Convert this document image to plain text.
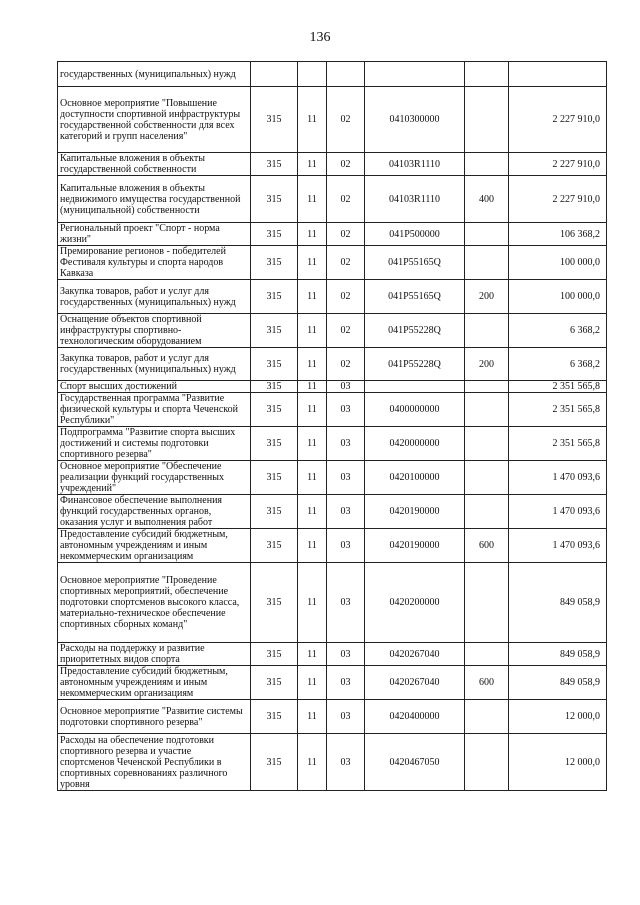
136
государственных (муниципальных) нужд						
Основное мероприятие "Повышение доступности спортивной инфраструктуры государственной собственности для всех категорий и групп населения"	315	11	02	0410300000		2 227 910,0
Капитальные вложения в объекты государственной собственности	315	11	02	04103R1110		2 227 910,0
Капитальные вложения в объекты недвижимого имущества государственной (муниципальной) собственности	315	11	02	04103R1110	400	2 227 910,0
Региональный проект "Спорт - норма жизни"	315	11	02	041P500000		106 368,2
Премирование регионов - победителей Фестиваля культуры и спорта народов Кавказа	315	11	02	041P55165Q		100 000,0
Закупка товаров, работ и услуг для государственных (муниципальных) нужд	315	11	02	041P55165Q	200	100 000,0
Оснащение объектов спортивной инфраструктуры спортивно-технологическим оборудованием	315	11	02	041P55228Q		6 368,2
Закупка товаров, работ и услуг для государственных (муниципальных) нужд	315	11	02	041P55228Q	200	6 368,2
Спорт высших достижений	315	11	03			2 351 565,8
Государственная программа "Развитие физической культуры и спорта Чеченской Республики"	315	11	03	0400000000		2 351 565,8
Подпрограмма "Развитие спорта высших достижений и системы подготовки спортивного резерва"	315	11	03	0420000000		2 351 565,8
Основное мероприятие "Обеспечение реализации функций государственных учреждений"	315	11	03	0420100000		1 470 093,6
Финансовое обеспечение выполнения функций государственных органов, оказания услуг и выполнения работ	315	11	03	0420190000		1 470 093,6
Предоставление субсидий бюджетным, автономным учреждениям и иным некоммерческим организациям	315	11	03	0420190000	600	1 470 093,6
Основное мероприятие "Проведение спортивных мероприятий, обеспечение подготовки спортсменов высокого класса, материально-техническое обеспечение спортивных сборных команд"	315	11	03	0420200000		849 058,9
Расходы на поддержку и развитие приоритетных видов спорта	315	11	03	0420267040		849 058,9
Предоставление субсидий бюджетным, автономным учреждениям и иным некоммерческим организациям	315	11	03	0420267040	600	849 058,9
Основное мероприятие "Развитие системы подготовки спортивного резерва"	315	11	03	0420400000		12 000,0
Расходы на обеспечение подготовки спортивного резерва и участие спортсменов Чеченской Республики в спортивных соревнованиях различного уровня	315	11	03	0420467050		12 000,0
